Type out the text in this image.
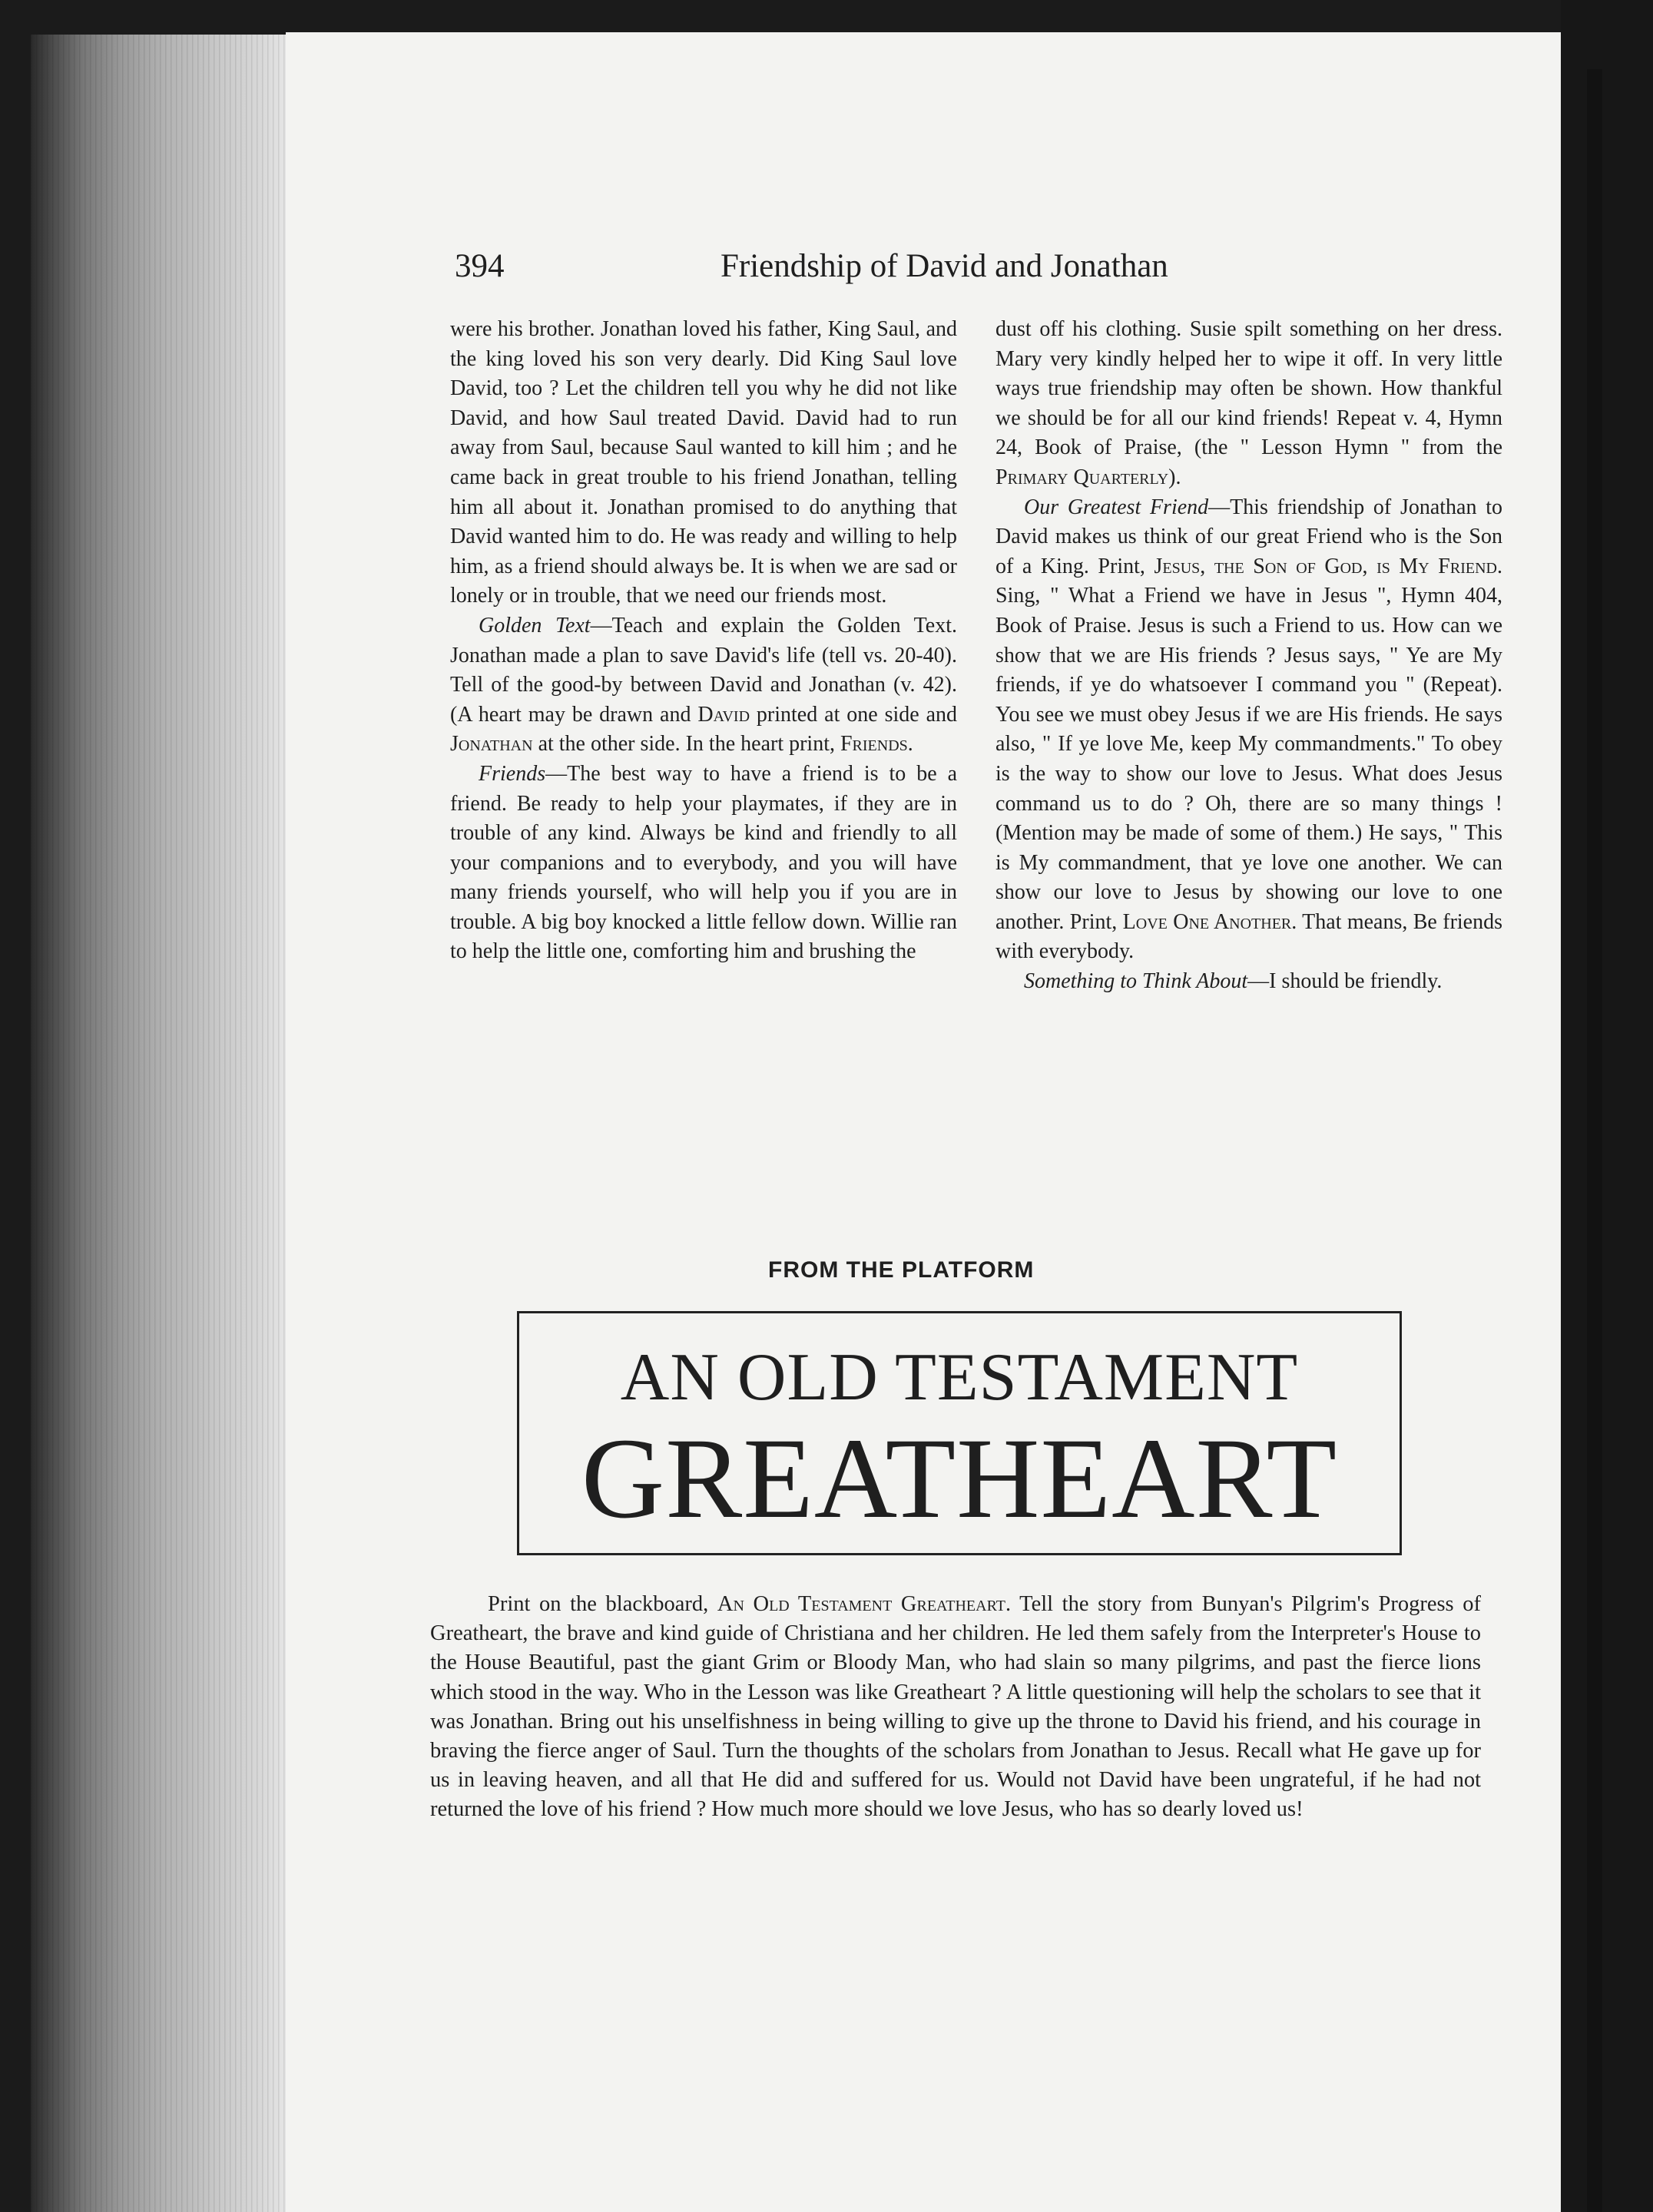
394	Friendship of David and Jonathan

were his brother. Jonathan loved his father, King Saul, and the king loved his son very dearly. Did King Saul love David, too ? Let the children tell you why he did not like David, and how Saul treated David. David had to run away from Saul, because Saul wanted to kill him ; and he came back in great trouble to his friend Jonathan, telling him all about it. Jonathan promised to do anything that David wanted him to do. He was ready and willing to help him, as a friend should always be. It is when we are sad or lonely or in trouble, that we need our friends most.

Golden Text—Teach and explain the Golden Text. Jonathan made a plan to save David's life (tell vs. 20-40). Tell of the good-by between David and Jonathan (v. 42). (A heart may be drawn and David printed at one side and Jonathan at the other side. In the heart print, Friends.

Friends—The best way to have a friend is to be a friend. Be ready to help your playmates, if they are in trouble of any kind. Always be kind and friendly to all your companions and to everybody, and you will have many friends yourself, who will help you if you are in trouble. A big boy knocked a little fellow down. Willie ran to help the little one, comforting him and brushing the

dust off his clothing. Susie spilt something on her dress. Mary very kindly helped her to wipe it off. In very little ways true friendship may often be shown. How thankful we should be for all our kind friends! Repeat v. 4, Hymn 24, Book of Praise, (the " Lesson Hymn " from the Primary Quarterly).

Our Greatest Friend—This friendship of Jonathan to David makes us think of our great Friend who is the Son of a King. Print, Jesus, the Son of God, is My Friend. Sing, " What a Friend we have in Jesus ", Hymn 404, Book of Praise. Jesus is such a Friend to us. How can we show that we are His friends ? Jesus says, " Ye are My friends, if ye do whatsoever I command you " (Repeat). You see we must obey Jesus if we are His friends. He says also, " If ye love Me, keep My commandments." To obey is the way to show our love to Jesus. What does Jesus command us to do ? Oh, there are so many things ! (Mention may be made of some of them.) He says, " This is My commandment, that ye love one another. We can show our love to Jesus by showing our love to one another. Print, Love One Another. That means, Be friends with everybody.

Something to Think About—I should be friendly.

FROM THE PLATFORM
AN OLD TESTAMENT
GREATHEART

Print on the blackboard, An Old Testament Greatheart. Tell the story from Bunyan's Pilgrim's Progress of Greatheart, the brave and kind guide of Christiana and her children. He led them safely from the Interpreter's House to the House Beautiful, past the giant Grim or Bloody Man, who had slain so many pilgrims, and past the fierce lions which stood in the way. Who in the Lesson was like Greatheart ? A little questioning will help the scholars to see that it was Jonathan. Bring out his unselfishness in being willing to give up the throne to David his friend, and his courage in braving the fierce anger of Saul. Turn the thoughts of the scholars from Jonathan to Jesus. Recall what He gave up for us in leaving heaven, and all that He did and suffered for us. Would not David have been ungrateful, if he had not returned the love of his friend ? How much more should we love Jesus, who has so dearly loved us!
